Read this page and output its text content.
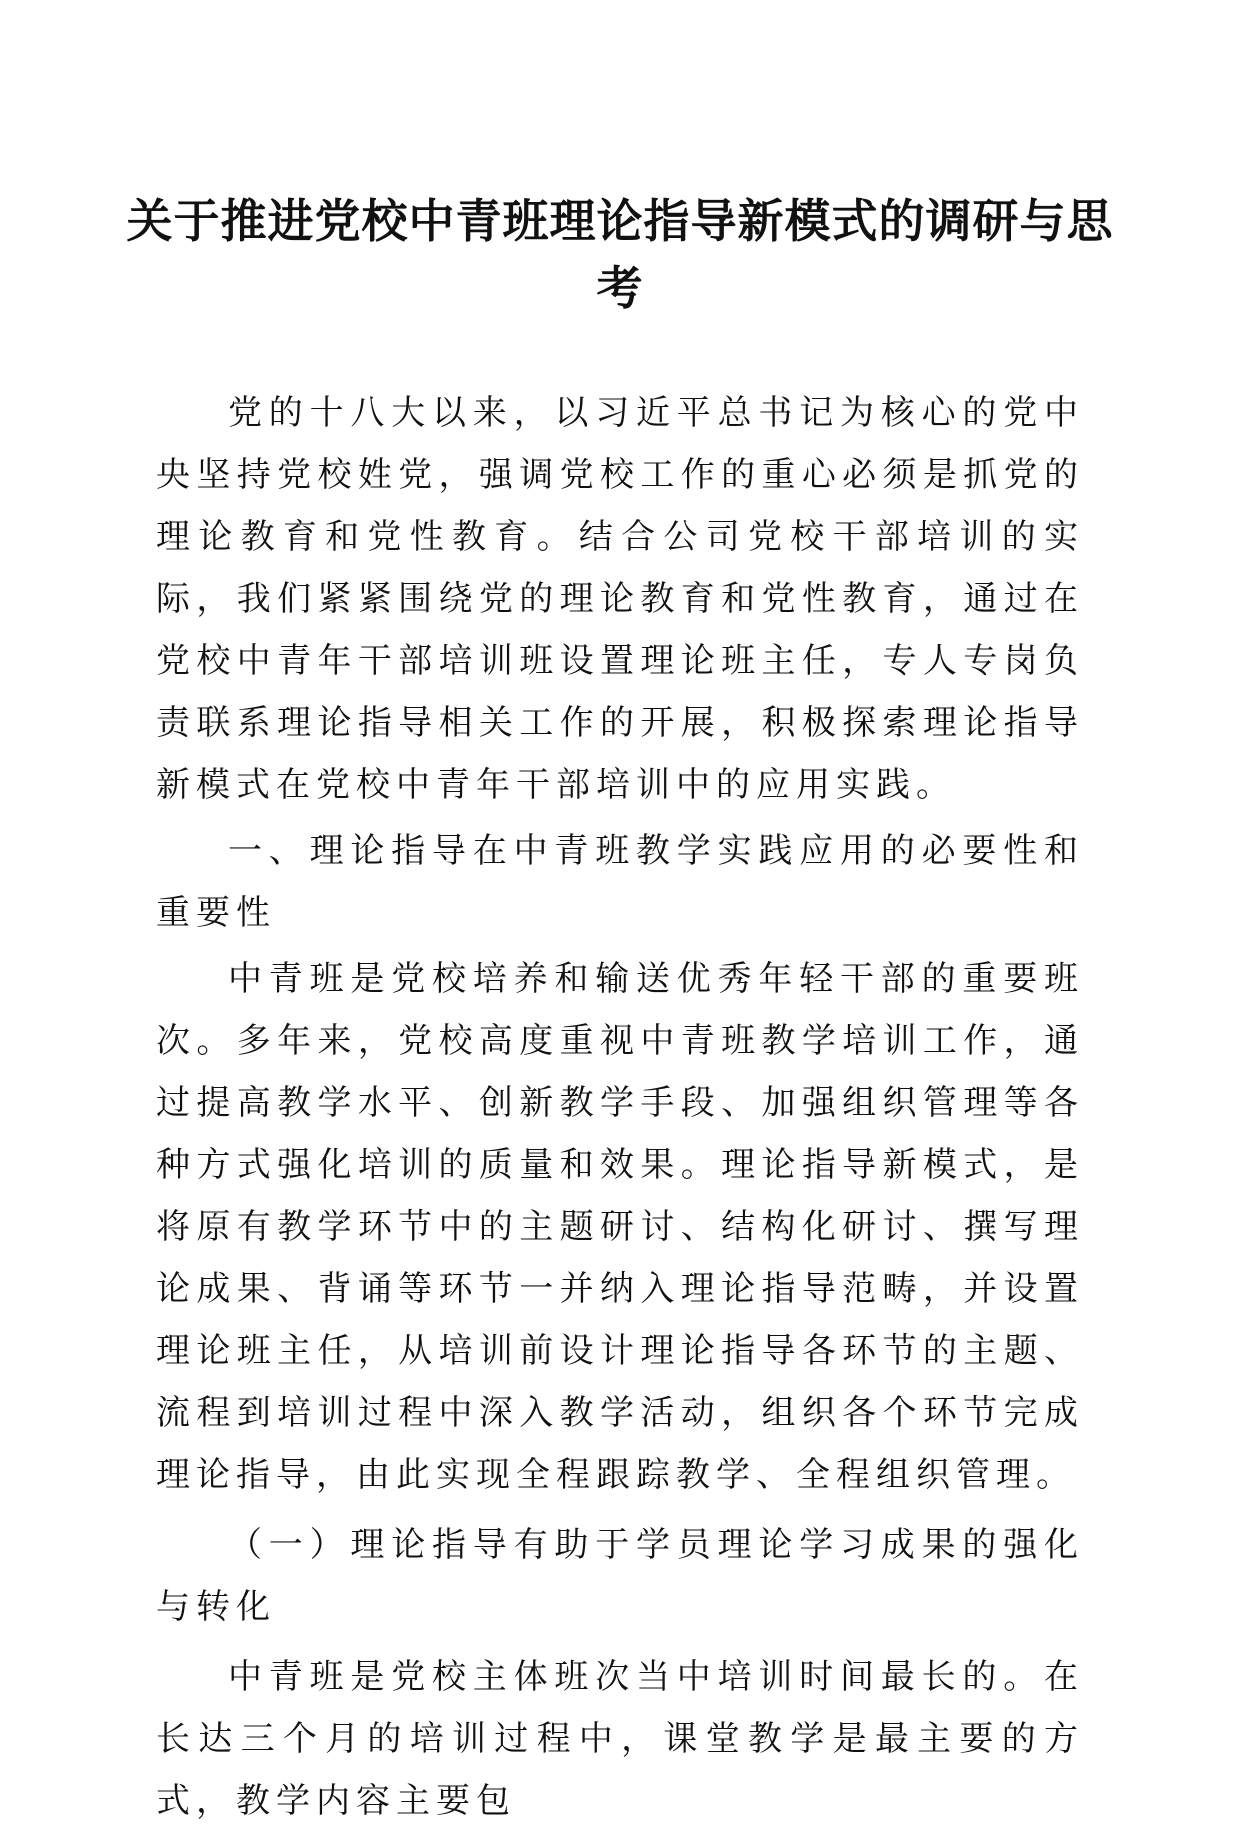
关于推进党校中青班理论指导新模式的调研与思考

党的十八大以来，以习近平总书记为核心的党中央坚持党校姓党，强调党校工作的重心必须是抓党的理论教育和党性教育。结合公司党校干部培训的实际，我们紧紧围绕党的理论教育和党性教育，通过在党校中青年干部培训班设置理论班主任，专人专岗负责联系理论指导相关工作的开展，积极探索理论指导新模式在党校中青年干部培训中的应用实践。

一、理论指导在中青班教学实践应用的必要性和重要性

中青班是党校培养和输送优秀年轻干部的重要班次。多年来，党校高度重视中青班教学培训工作，通过提高教学水平、创新教学手段、加强组织管理等各种方式强化培训的质量和效果。理论指导新模式，是将原有教学环节中的主题研讨、结构化研讨、撰写理论成果、背诵等环节一并纳入理论指导范畴，并设置理论班主任，从培训前设计理论指导各环节的主题、流程到培训过程中深入教学活动，组织各个环节完成理论指导，由此实现全程跟踪教学、全程组织管理。

（一）理论指导有助于学员理论学习成果的强化与转化

中青班是党校主体班次当中培训时间最长的。在长达三个月的培训过程中，课堂教学是最主要的方式，教学内容主要包
